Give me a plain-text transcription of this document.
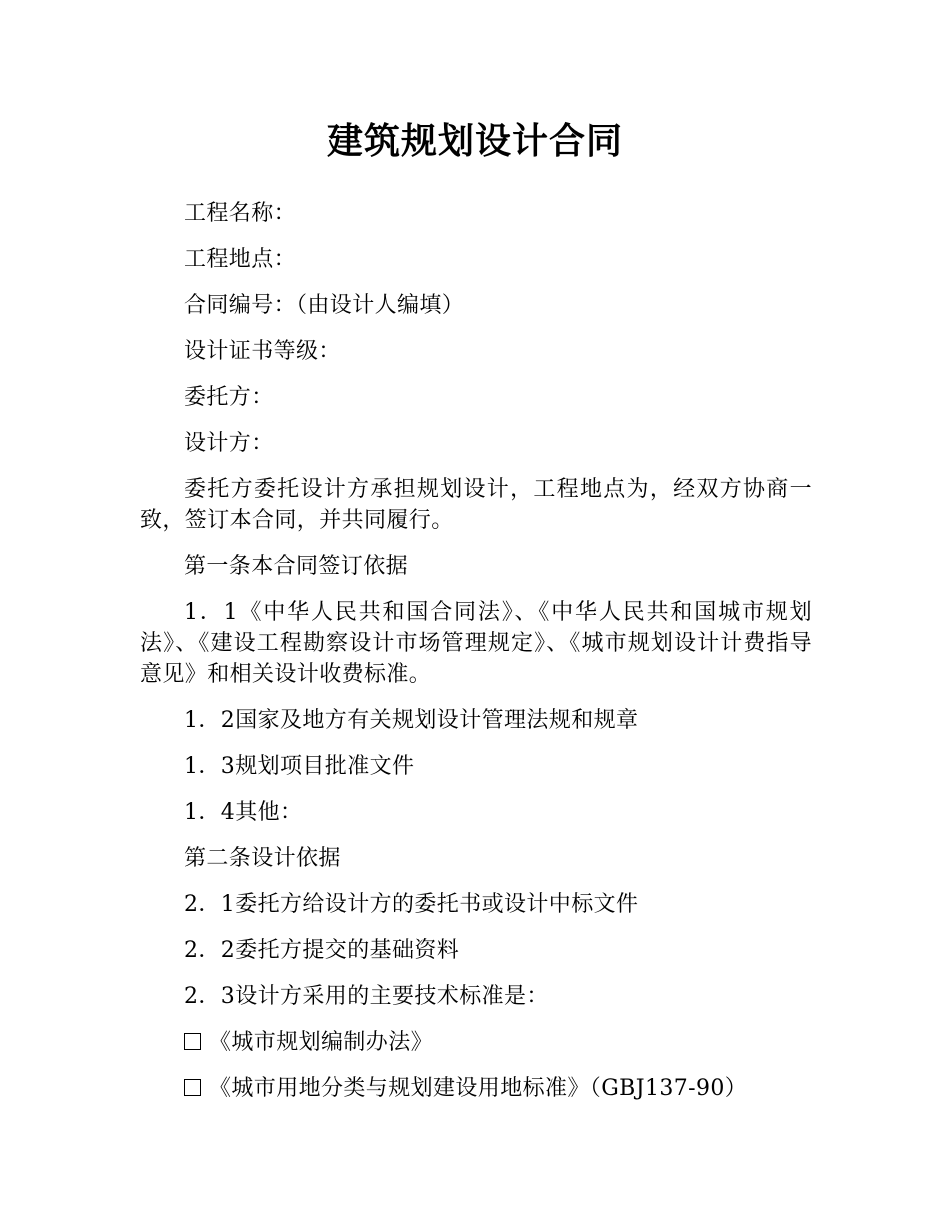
建筑规划设计合同

工程名称：

工程地点：

合同编号：（由设计人编填）

设计证书等级：

委托方：

设计方：

委托方委托设计方承担规划设计，工程地点为，经双方协商一致，签订本合同，并共同履行。

第一条本合同签订依据

1．1《中华人民共和国合同法》、《中华人民共和国城市规划法》、《建设工程勘察设计市场管理规定》、《城市规划设计计费指导意见》和相关设计收费标准。

1．2国家及地方有关规划设计管理法规和规章

1．3规划项目批准文件

1．4其他：

第二条设计依据

2．1委托方给设计方的委托书或设计中标文件

2．2委托方提交的基础资料

2．3设计方采用的主要技术标准是：

《城市规划编制办法》

《城市用地分类与规划建设用地标准》（GBJ137-90）
